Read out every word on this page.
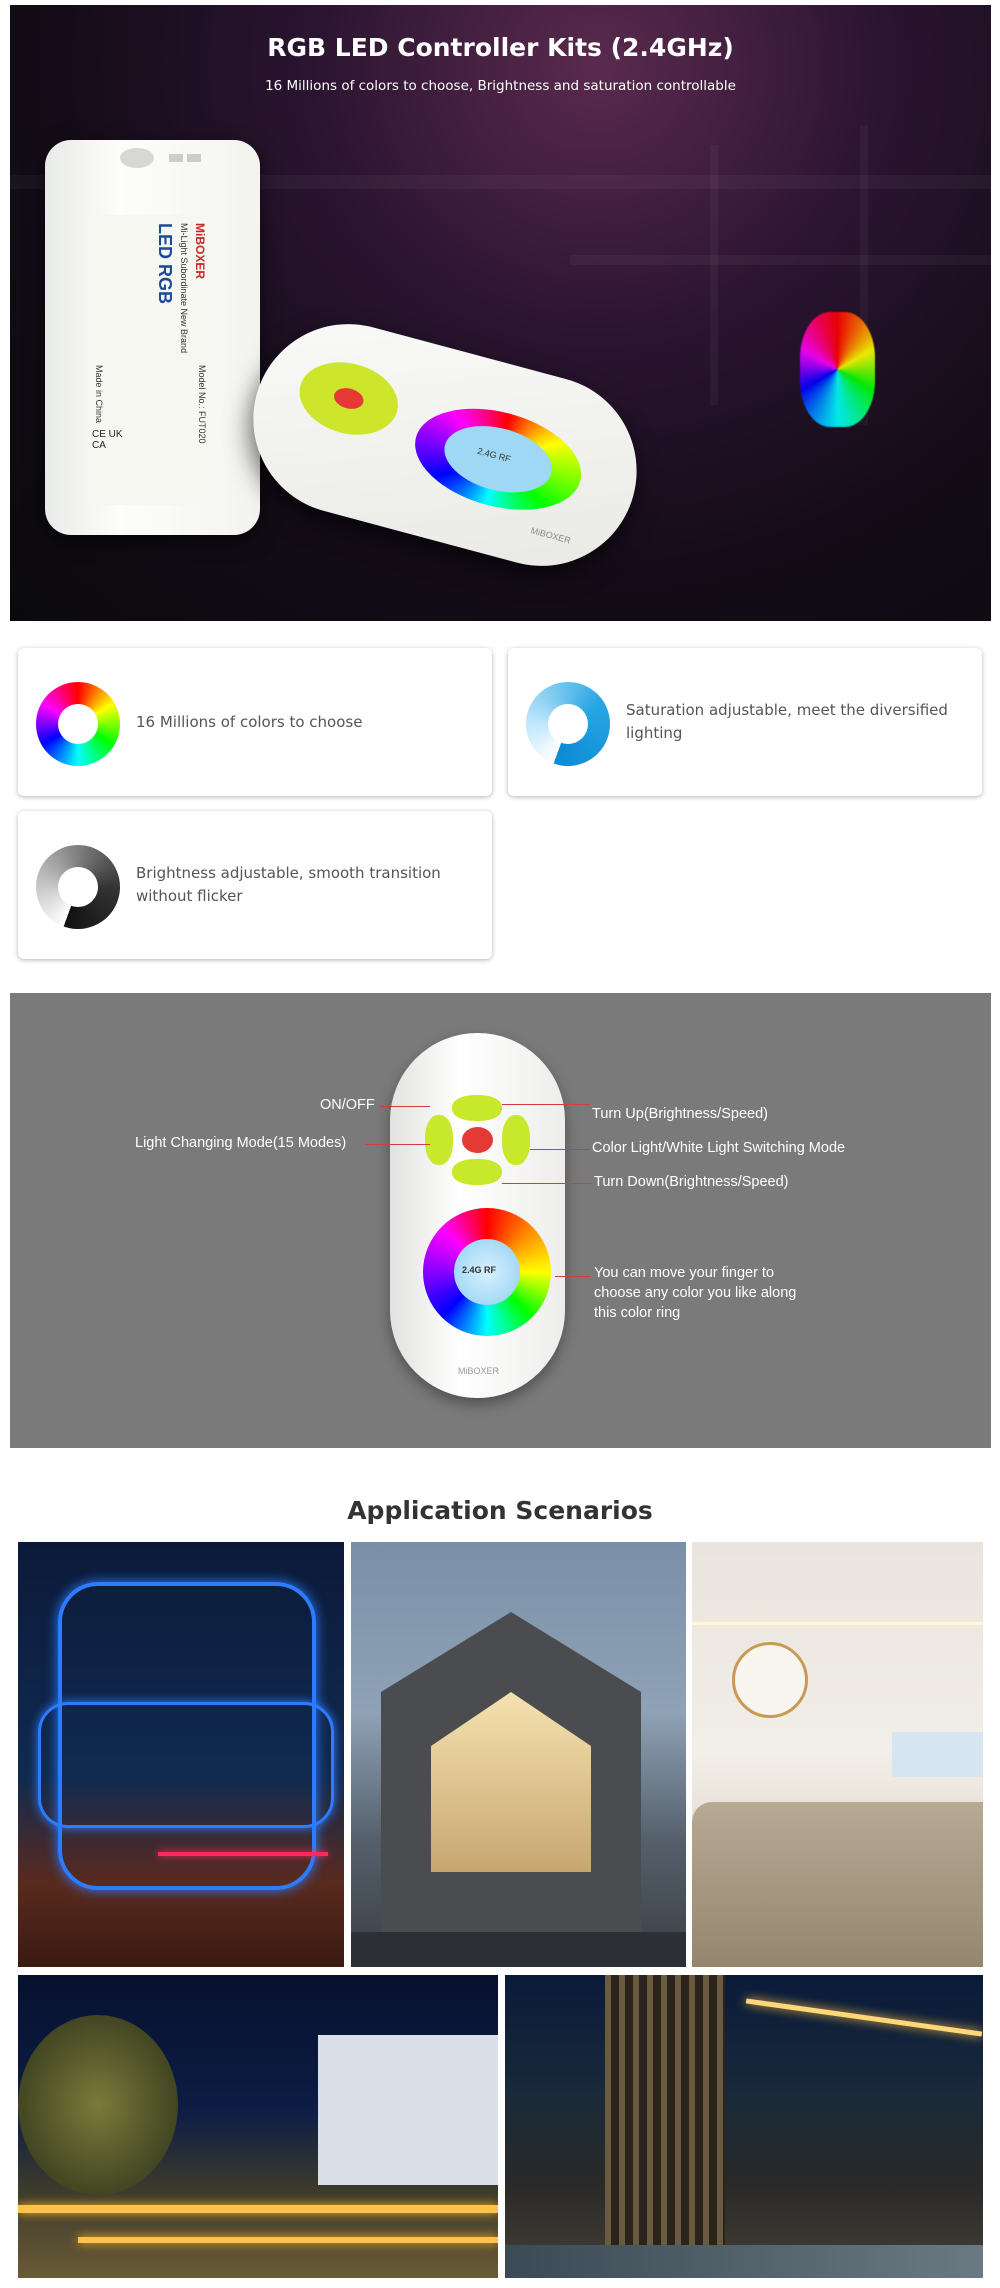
RGB LED Controller Kits (2.4GHz)
16 Millions of colors to choose, Brightness and saturation controllable
MiBOXER
Mi-Light Subordinate New Brand
LED RGB
Model No.: FUT020
Made in China
CE UK CA
2.4G RF
MiBOXER
16 Millions of colors to choose
Saturation adjustable, meet the diversified lighting
Brightness adjustable, smooth transition without flicker
2.4G RF
MiBOXER
ON/OFF
Light Changing Mode(15 Modes)
Turn Up(Brightness/Speed)
Color Light/White Light Switching Mode
Turn Down(Brightness/Speed)
You can move your finger to
choose any color you like along
this color ring
Application Scenarios
